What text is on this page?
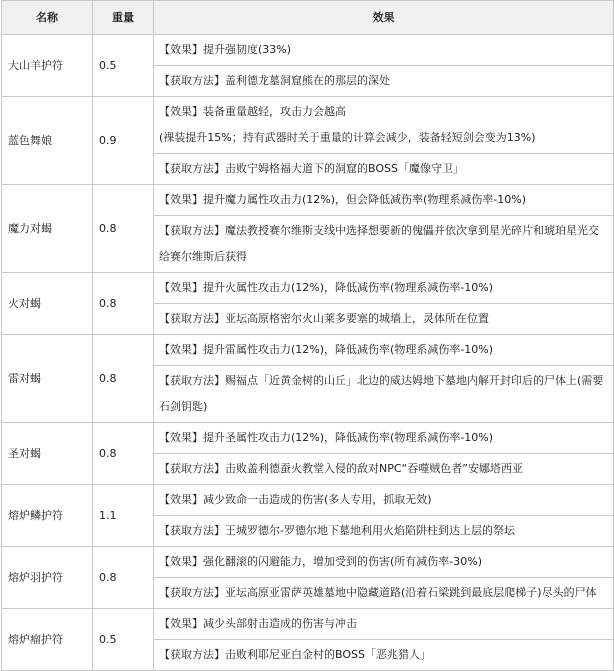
名称	重量	效果
大山羊护符	0.5	【效果】提升强韧度(33%)
		【获取方法】盖利德龙墓洞窟熊在的那层的深处
蓝色舞娘	0.9	【效果】装备重量越轻，攻击力会越高
(裸装提升15%；持有武器时关于重量的计算会减少，装备轻短剑会变为13%)

		【获取方法】击败宁姆格福大道下的洞窟的BOSS「魔像守卫」
魔力对蝎	0.8	【效果】提升魔力属性攻击力(12%)，但会降低减伤率(物理系减伤率-10%)
		【获取方法】魔法教授赛尔维斯支线中选择想要新的傀儡并依次拿到星光碎片和琥珀星光交给赛尔维斯后获得
火对蝎	0.8	【效果】提升火属性攻击力(12%)，降低减伤率(物理系减伤率-10%)
		【获取方法】亚坛高原格密尔火山莱多要塞的城墙上，灵体所在位置
雷对蝎	0.8	【效果】提升雷属性攻击力(12%)，降低减伤率(物理系减伤率-10%)
		【获取方法】赐福点「近黄金树的山丘」北边的威达姆地下墓地内解开封印后的尸体上(需要石剑钥匙)
圣对蝎	0.8	【效果】提升圣属性攻击力(12%)，降低减伤率(物理系减伤率-10%)
		【获取方法】击败盖利德蚕火教堂入侵的敌对NPC“吞噬贼色者”安娜塔西亚
熔炉鳞护符	1.1	【效果】减少致命一击造成的伤害(多人专用，抓取无效)
		【获取方法】王城罗德尔-罗德尔地下墓地利用火焰陷阱柱到达上层的祭坛
熔炉羽护符	0.8	【效果】强化翻滚的闪避能力，增加受到的伤害(所有减伤率-30%)
		【获取方法】亚坛高原亚雷萨英雄墓地中隐藏道路(沿着石梁跳到最底层爬梯子)尽头的尸体
熔炉瘤护符	0.5	【效果】减少头部射击造成的伤害与冲击
		【获取方法】击败利耶尼亚白金村的BOSS「恶兆猎人」
